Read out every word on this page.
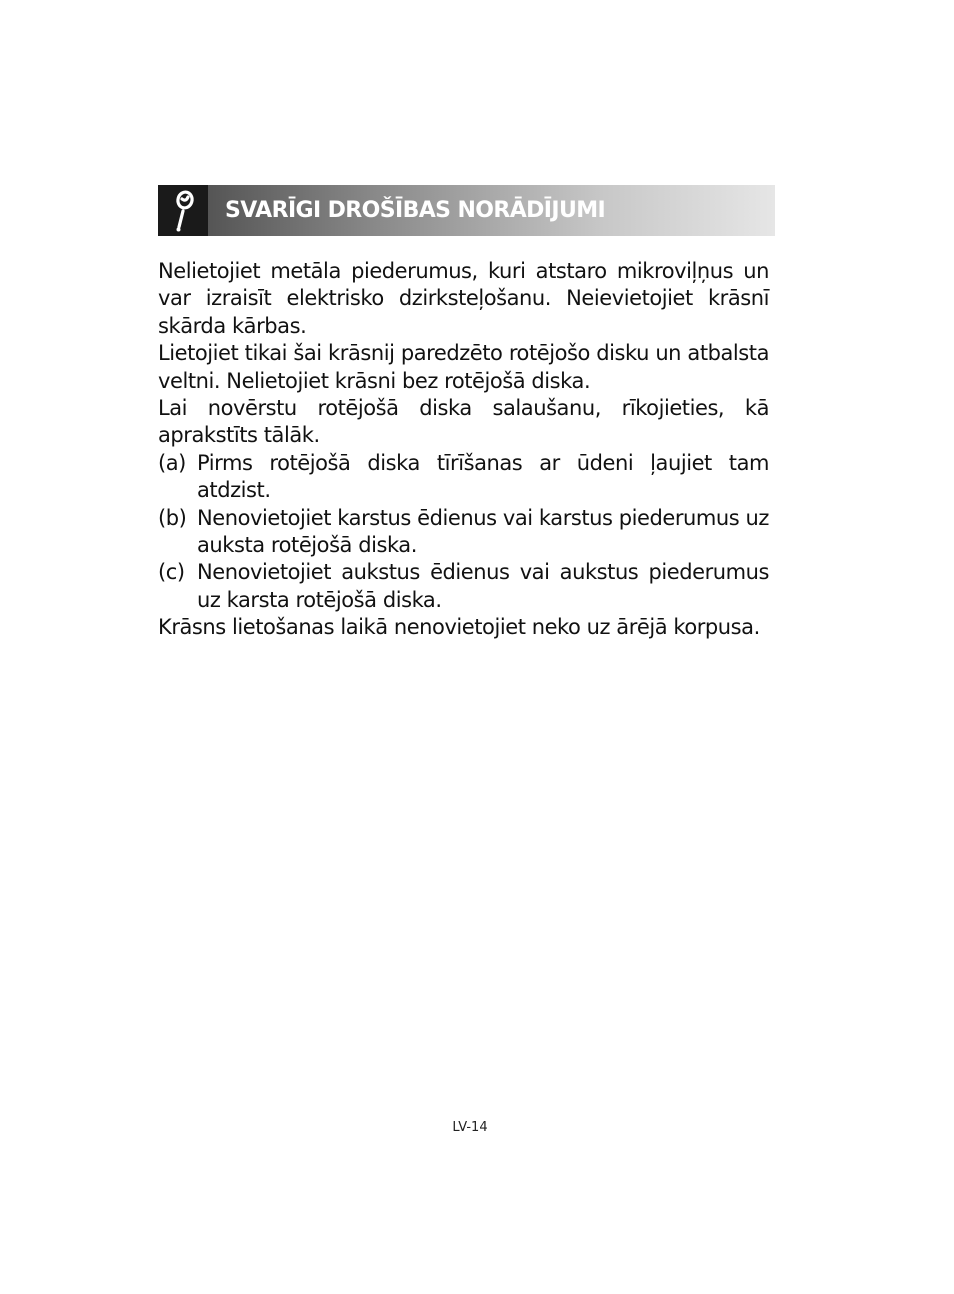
SVARĪGI DROŠĪBAS NORĀDĪJUMI

Nelietojiet metāla piederumus, kuri atstaro mikroviļņus un var izraisīt elektrisko dzirksteļošanu. Neievietojiet krāsnī skārda kārbas.

Lietojiet tikai šai krāsnij paredzēto rotējošo disku un atbalsta veltni. Nelietojiet krāsni bez rotējošā diska.

Lai novērstu rotējošā diska salaušanu, rīkojieties, kā aprakstīts tālāk.

(a) Pirms rotējošā diska tīrīšanas ar ūdeni ļaujiet tam atdzist.
(b) Nenovietojiet karstus ēdienus vai karstus piederumus uz auksta rotējošā diska.
(c) Nenovietojiet aukstus ēdienus vai aukstus piederumus uz karsta rotējošā diska.

Krāsns lietošanas laikā nenovietojiet neko uz ārējā korpusa.

LV-14
